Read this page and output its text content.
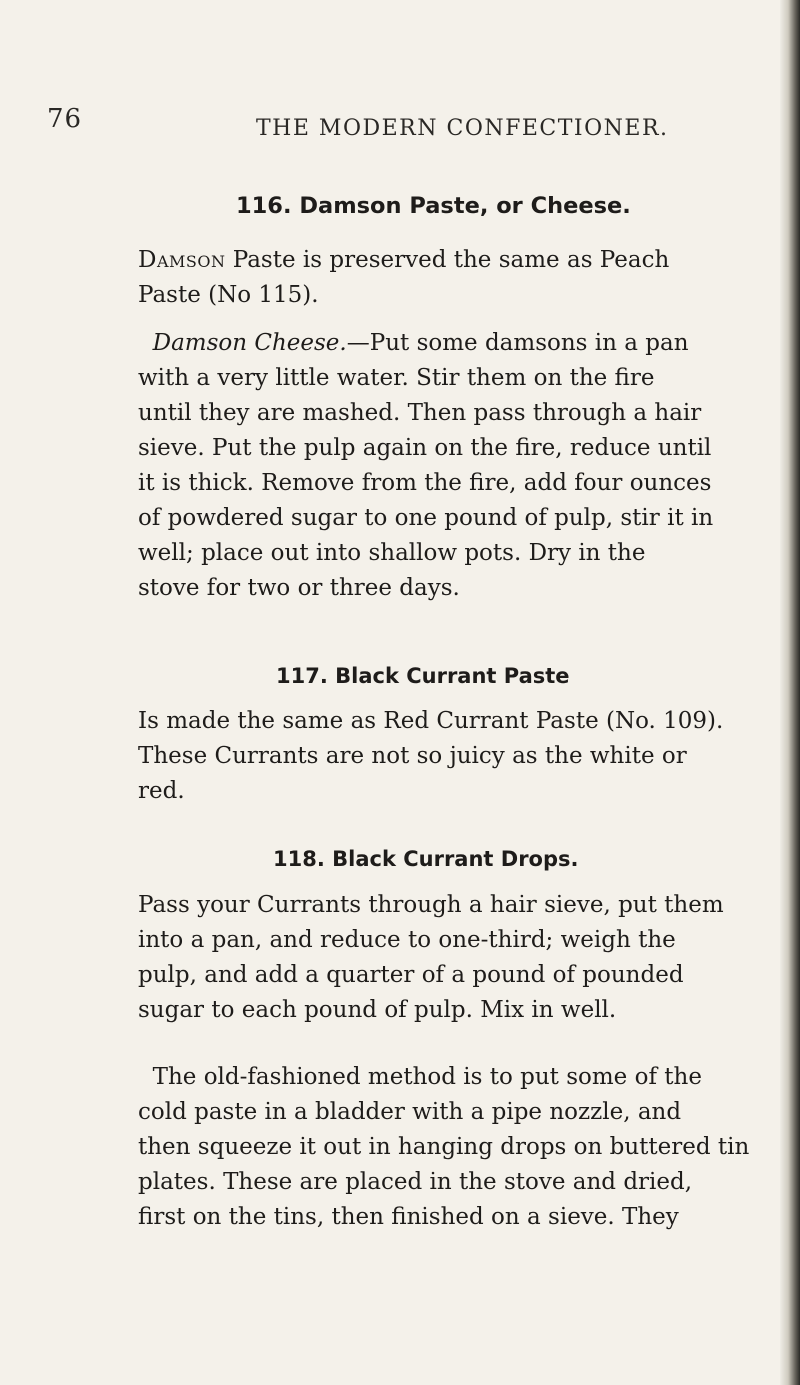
76	THE MODERN CONFECTIONER.
116. Damson Paste, or Cheese.

Damson Paste is preserved the same as Peach
Paste (No 115).

Damson Cheese.—Put some damsons in a pan
with a very little water. Stir them on the fire
until they are mashed. Then pass through a hair
sieve. Put the pulp again on the fire, reduce until
it is thick. Remove from the fire, add four ounces
of powdered sugar to one pound of pulp, stir it in
well; place out into shallow pots. Dry in the
stove for two or three days.

117. Black Currant Paste

Is made the same as Red Currant Paste (No. 109).
These Currants are not so juicy as the white or
red.

118. Black Currant Drops.

Pass your Currants through a hair sieve, put them
into a pan, and reduce to one-third; weigh the
pulp, and add a quarter of a pound of pounded
sugar to each pound of pulp. Mix in well.

The old-fashioned method is to put some of the
cold paste in a bladder with a pipe nozzle, and
then squeeze it out in hanging drops on buttered tin
plates. These are placed in the stove and dried,
first on the tins, then finished on a sieve. They
